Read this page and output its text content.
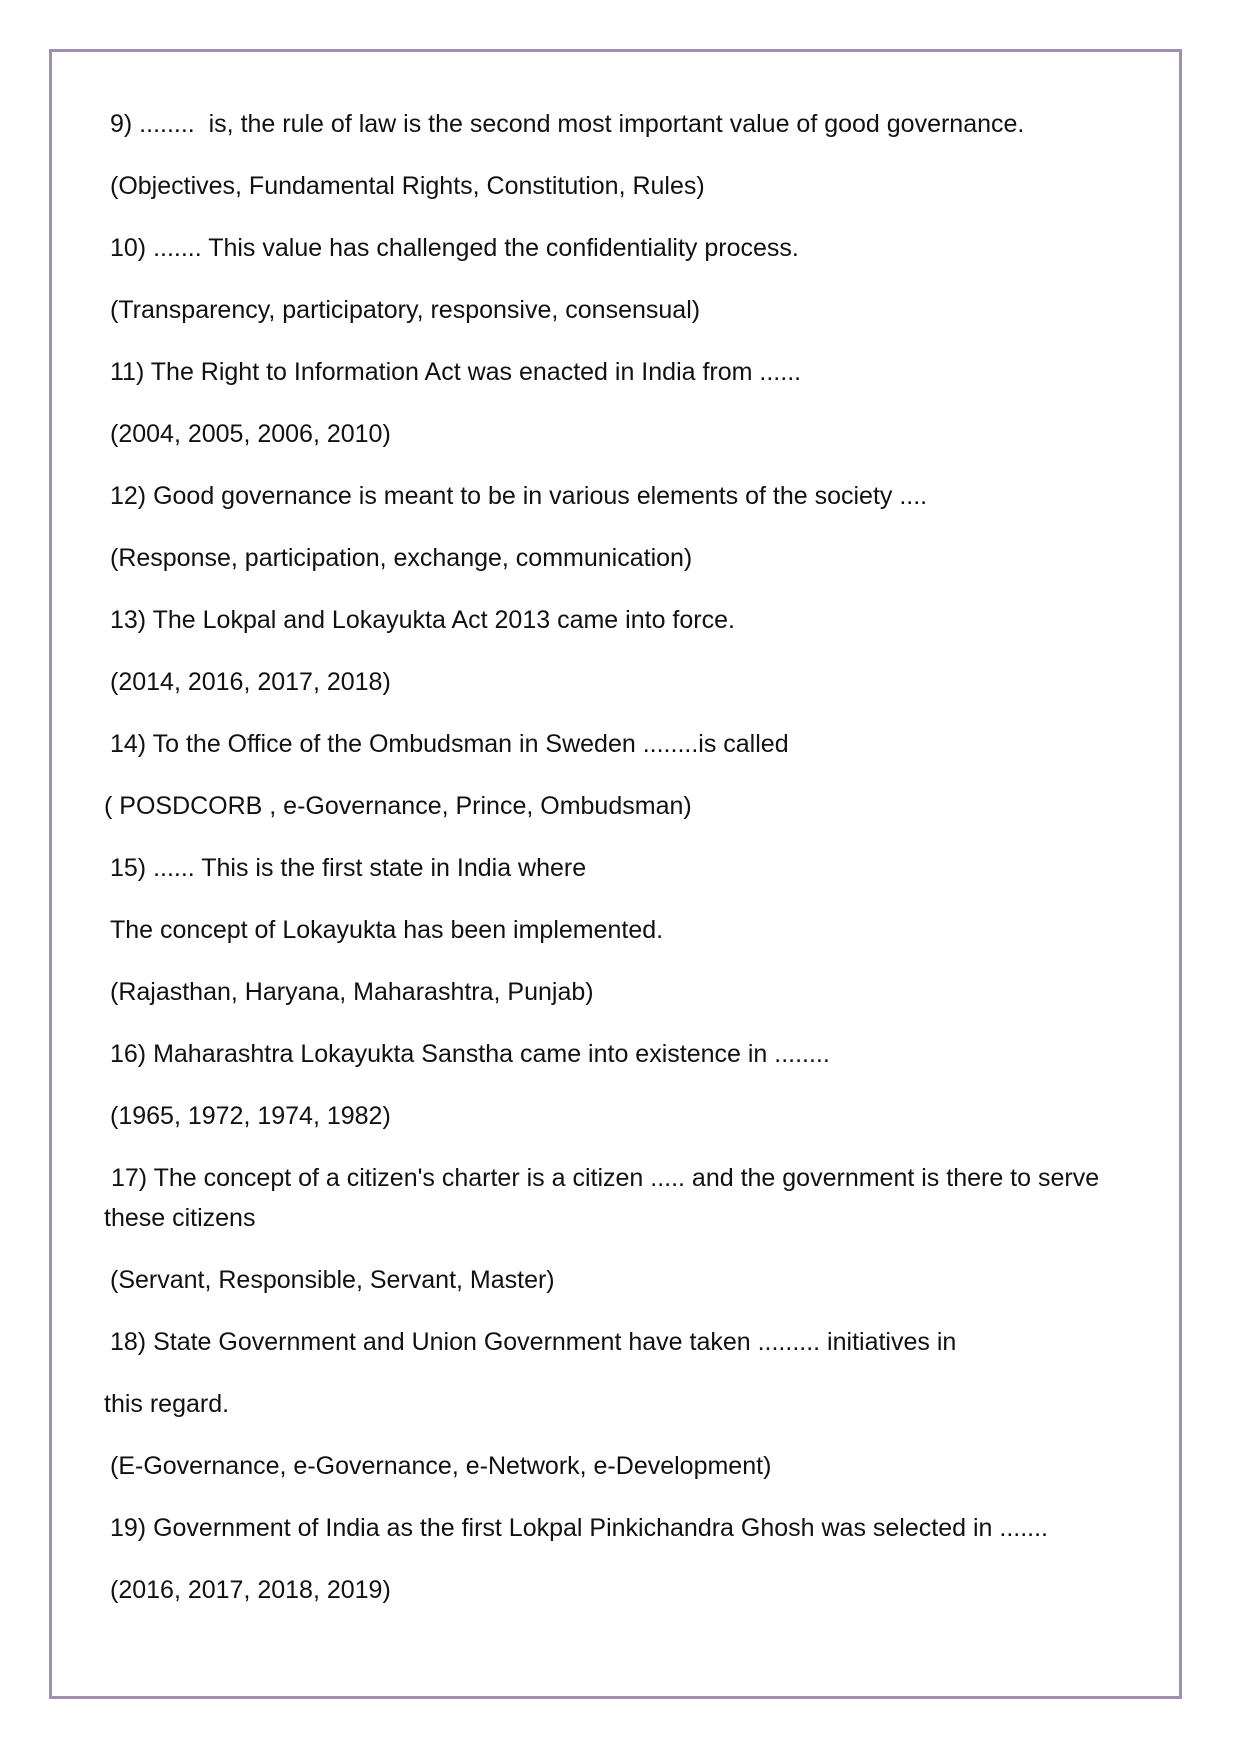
9) ........  is, the rule of law is the second most important value of good governance.

(Objectives, Fundamental Rights, Constitution, Rules)

10) ....... This value has challenged the confidentiality process.

(Transparency, participatory, responsive, consensual)

11) The Right to Information Act was enacted in India from ......

(2004, 2005, 2006, 2010)

12) Good governance is meant to be in various elements of the society ....

(Response, participation, exchange, communication)

13) The Lokpal and Lokayukta Act 2013 came into force.

(2014, 2016, 2017, 2018)

14) To the Office of the Ombudsman in Sweden ........is called

( POSDCORB , e-Governance, Prince, Ombudsman)

15) ...... This is the first state in India where

The concept of Lokayukta has been implemented.

(Rajasthan, Haryana, Maharashtra, Punjab)

16) Maharashtra Lokayukta Sanstha came into existence in ........

(1965, 1972, 1974, 1982)

17) The concept of a citizen's charter is a citizen ..... and the government is there to serve these citizens

(Servant, Responsible, Servant, Master)

18) State Government and Union Government have taken ......... initiatives in

this regard.

(E-Governance, e-Governance, e-Network, e-Development)

19) Government of India as the first Lokpal Pinkichandra Ghosh was selected in .......

(2016, 2017, 2018, 2019)
